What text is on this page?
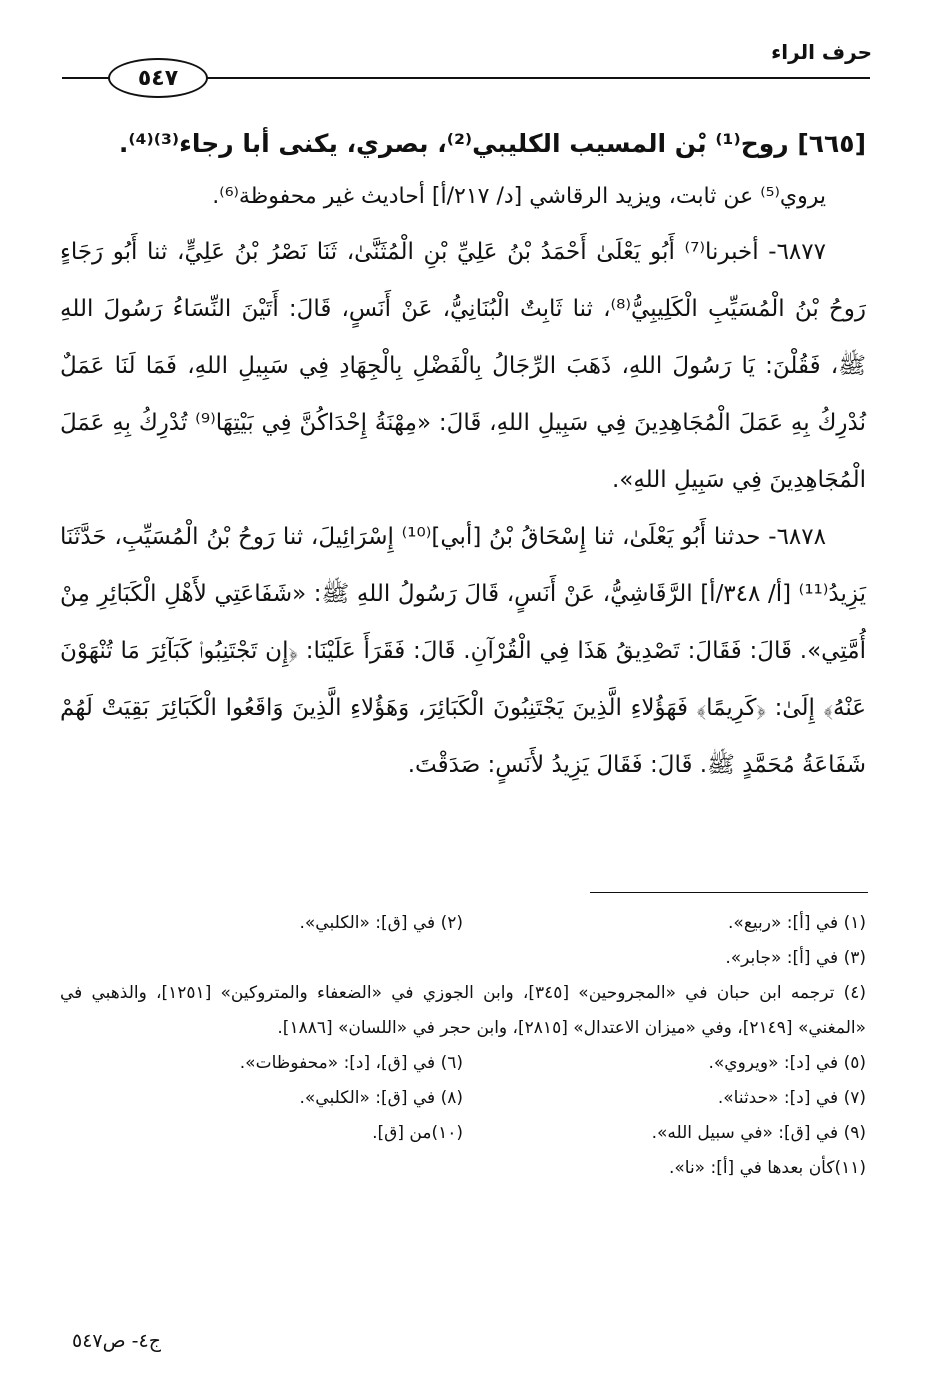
حرف الراء
٥٤٧

[٦٦٥] روح⁽¹⁾ بْن المسيب الكليبي⁽²⁾، بصري، يكنى أبا رجاء⁽³⁾⁽⁴⁾.

يروي⁽⁵⁾ عن ثابت، ويزيد الرقاشي [د/ ٢١٧/أ] أحاديث غير محفوظة⁽⁶⁾.

٦٨٧٧- أخبرنا⁽⁷⁾ أَبُو يَعْلَىٰ أَحْمَدُ بْنُ عَلِيِّ بْنِ الْمُثَنَّىٰ، ثَنَا نَصْرُ بْنُ عَلِيٍّ، ثنا أَبُو رَجَاءٍ رَوحُ بْنُ الْمُسَيِّبِ الْكَلِيبِيُّ⁽⁸⁾، ثنا ثَابِتٌ الْبُنَانِيُّ، عَنْ أَنَسٍ، قَالَ: أَتَيْنَ النِّسَاءُ رَسُولَ اللهِ ﷺ، فَقُلْنَ: يَا رَسُولَ اللهِ، ذَهَبَ الرِّجَالُ بِالْفَضْلِ بِالْجِهَادِ فِي سَبِيلِ اللهِ، فَمَا لَنَا عَمَلٌ نُدْرِكُ بِهِ عَمَلَ الْمُجَاهِدِينَ فِي سَبِيلِ اللهِ، قَالَ: «مِهْنَةُ إِحْدَاكُنَّ فِي بَيْتِهَا⁽⁹⁾ تُدْرِكُ بِهِ عَمَلَ الْمُجَاهِدِينَ فِي سَبِيلِ اللهِ».

٦٨٧٨- حدثنا أَبُو يَعْلَىٰ، ثنا إِسْحَاقُ بْنُ [أبي]⁽¹⁰⁾ إِسْرَائِيلَ، ثنا رَوحُ بْنُ الْمُسَيِّبِ، حَدَّثَنَا يَزِيدُ⁽¹¹⁾ [أ/ ٣٤٨/أ] الرَّقَاشِيُّ، عَنْ أَنَسٍ، قَالَ رَسُولُ اللهِ ﷺ: «شَفَاعَتِي لأَهْلِ الْكَبَائِرِ مِنْ أُمَّتِي». قَالَ: فَقَالَ: تَصْدِيقُ هَذَا فِي الْقُرْآنِ. قَالَ: فَقَرَأَ عَلَيْنَا: ﴿إِن تَجْتَنِبُوا۟ كَبَآئِرَ مَا تُنْهَوْنَ عَنْهُ﴾ إِلَىٰ: ﴿كَرِيمًا﴾ فَهَؤُلاءِ الَّذِينَ يَجْتَنِبُونَ الْكَبَائِرَ، وَهَؤُلاءِ الَّذِينَ وَاقَعُوا الْكَبَائِرَ بَقِيَتْ لَهُمْ شَفَاعَةُ مُحَمَّدٍ ﷺ. قَالَ: فَقَالَ يَزِيدُ لأَنَسٍ: صَدَقْتَ.

(١) في [أ]: «ربيع».
(٢) في [ق]: «الكلبي».
(٣) في [أ]: «جابر».
(٤) ترجمه ابن حبان في «المجروحين» [٣٤٥]، وابن الجوزي في «الضعفاء والمتروكين» [١٢٥١]، والذهبي في «المغني» [٢١٤٩]، وفي «ميزان الاعتدال» [٢٨١٥]، وابن حجر في «اللسان» [١٨٨٦].
(٥) في [د]: «ويروي».
(٦) في [ق]، [د]: «محفوظات».
(٧) في [د]: «حدثنا».
(٨) في [ق]: «الكلبي».
(٩) في [ق]: «في سبيل الله».
(١٠)من [ق].
(١١)كأن بعدها في [أ]: «نا».
ج٤- ص٥٤٧
